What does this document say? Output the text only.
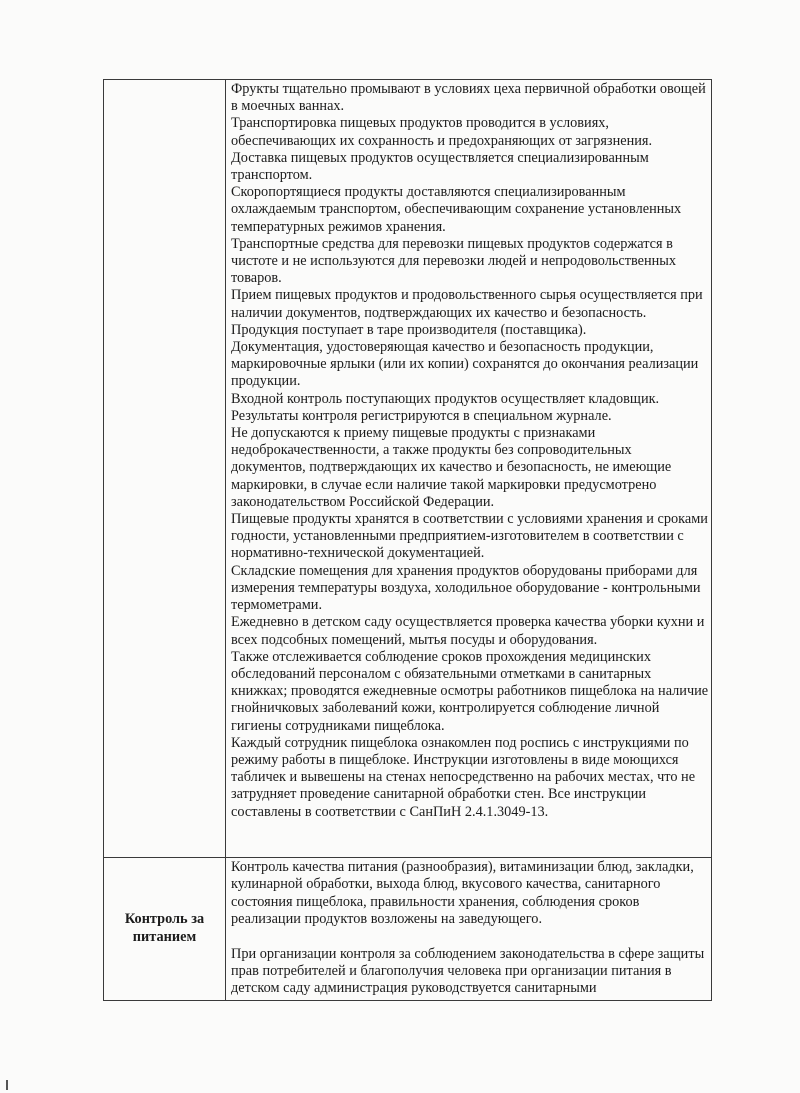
Фрукты тщательно промывают в условиях цеха первичной обработки овощей в моечных ваннах.

Транспортировка пищевых продуктов проводится в условиях, обеспечивающих их сохранность и предохраняющих от загрязнения.

Доставка пищевых продуктов осуществляется специализированным транспортом.

Скоропортящиеся продукты доставляются специализированным охлаждаемым транспортом, обеспечивающим сохранение установленных температурных режимов хранения.

Транспортные средства для перевозки пищевых продуктов содержатся в чистоте и не используются для перевозки людей и непродовольственных товаров.

Прием пищевых продуктов и продовольственного сырья осуществляется при наличии документов, подтверждающих их качество и безопасность. Продукция поступает в таре производителя (поставщика).

Документация, удостоверяющая качество и безопасность продукции, маркировочные ярлыки (или их копии) сохранятся до окончания реализации продукции.

Входной контроль поступающих продуктов осуществляет кладовщик. Результаты контроля регистрируются в специальном журнале.

Не допускаются к приему пищевые продукты с признаками недоброкачественности, а также продукты без сопроводительных документов, подтверждающих их качество и безопасность, не имеющие маркировки, в случае если наличие такой маркировки предусмотрено законодательством Российской Федерации.

Пищевые продукты хранятся в соответствии с условиями хранения и сроками годности, установленными предприятием-изготовителем в соответствии с нормативно-технической документацией.

Складские помещения для хранения продуктов оборудованы приборами для измерения температуры воздуха, холодильное оборудование - контрольными термометрами.

Ежедневно в детском саду осуществляется проверка качества уборки кухни и всех подсобных помещений, мытья посуды и оборудования.

Также отслеживается соблюдение сроков прохождения медицинских обследований персоналом с обязательными отметками в санитарных книжках; проводятся ежедневные осмотры работников пищеблока на наличие гнойничковых заболеваний кожи, контролируется соблюдение личной гигиены сотрудниками пищеблока.

Каждый сотрудник пищеблока ознакомлен под роспись с инструкциями по режиму работы в пищеблоке. Инструкции изготовлены в виде моющихся табличек и вывешены на стенах непосредственно на рабочих местах, что не затрудняет проведение санитарной обработки стен. Все инструкции составлены в соответствии с СанПиН 2.4.1.3049-13.

Контроль за питанием

Контроль качества питания (разнообразия), витаминизации блюд, закладки, кулинарной обработки, выхода блюд, вкусового качества, санитарного состояния пищеблока, правильности хранения, соблюдения сроков реализации продуктов возложены на заведующего.

При организации контроля за соблюдением законодательства в сфере защиты прав потребителей и благополучия человека при организации питания в детском саду администрация руководствуется санитарными
